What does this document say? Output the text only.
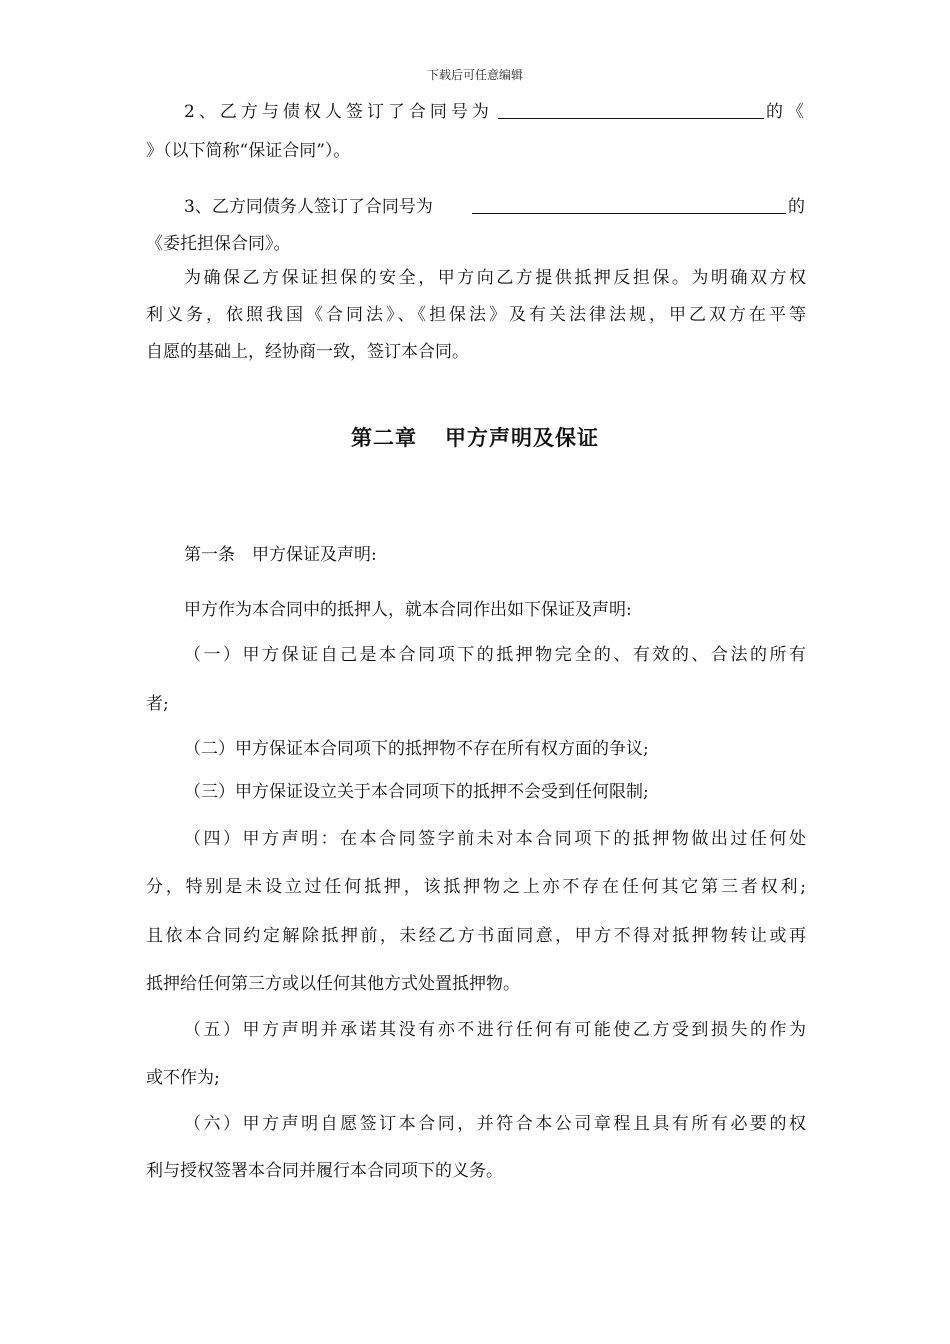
下载后可任意编辑
2、乙方与债权人签订了合同号为	的《
》（以下简称“保证合同”）。
3、乙方同债务人签订了合同号为	的
《委托担保合同》。
为确保乙方保证担保的安全，甲方向乙方提供抵押反担保。为明确双方权
利义务，依照我国《合同法》、《担保法》及有关法律法规，甲乙双方在平等
自愿的基础上，经协商一致，签订本合同。
第二章 甲方声明及保证
第一条　甲方保证及声明:
甲方作为本合同中的抵押人，就本合同作出如下保证及声明:
（一）甲方保证自己是本合同项下的抵押物完全的、有效的、合法的所有
者;
（二）甲方保证本合同项下的抵押物不存在所有权方面的争议;
（三）甲方保证设立关于本合同项下的抵押不会受到任何限制;
（四）甲方声明：在本合同签字前未对本合同项下的抵押物做出过任何处
分，特别是未设立过任何抵押，该抵押物之上亦不存在任何其它第三者权利;
且依本合同约定解除抵押前，未经乙方书面同意，甲方不得对抵押物转让或再
抵押给任何第三方或以任何其他方式处置抵押物。
（五）甲方声明并承诺其没有亦不进行任何有可能使乙方受到损失的作为
或不作为;
（六）甲方声明自愿签订本合同，并符合本公司章程且具有所有必要的权
利与授权签署本合同并履行本合同项下的义务。
